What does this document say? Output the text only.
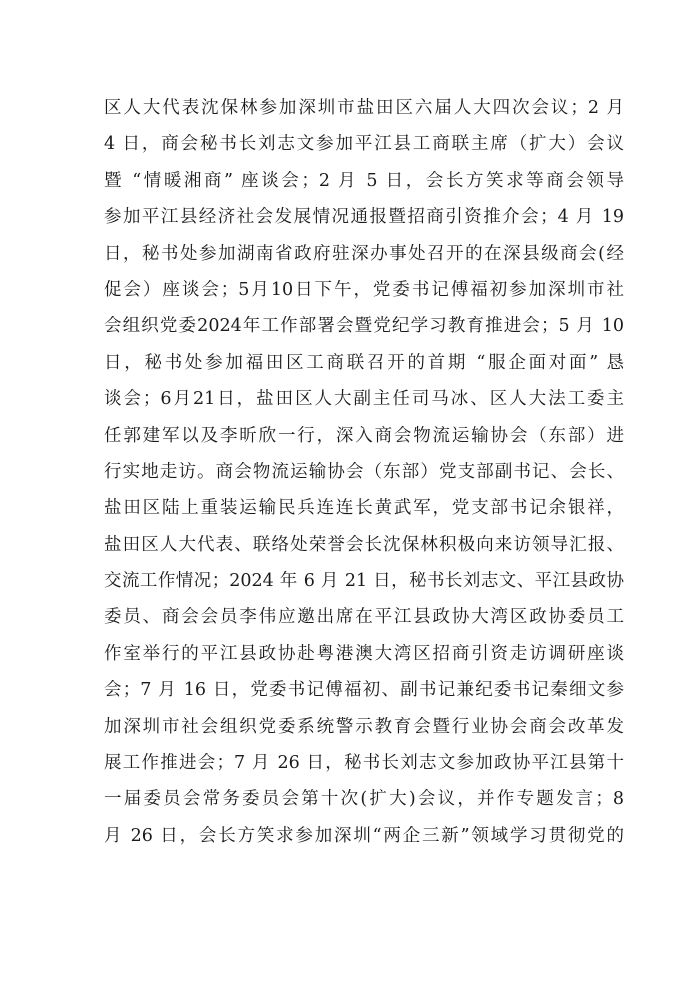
区人大代表沈保林参加深圳市盐田区六届人大四次会议；2 月
4 日，商会秘书长刘志文参加平江县工商联主席（扩大）会议
暨 “情暖湘商” 座谈会；2 月 5 日，会长方笑求等商会领导
参加平江县经济社会发展情况通报暨招商引资推介会；4 月 19
日，秘书处参加湖南省政府驻深办事处召开的在深县级商会(经
促会）座谈会；5月10日下午，党委书记傅福初参加深圳市社
会组织党委2024年工作部署会暨党纪学习教育推进会；5 月 10
日，秘书处参加福田区工商联召开的首期 “服企面对面” 恳
谈会；6月21日，盐田区人大副主任司马冰、区人大法工委主
任郭建军以及李昕欣一行，深入商会物流运输协会（东部）进
行实地走访。商会物流运输协会（东部）党支部副书记、会长、
盐田区陆上重装运输民兵连连长黄武军，党支部书记余银祥，
盐田区人大代表、联络处荣誉会长沈保林积极向来访领导汇报、
交流工作情况；2024 年 6 月 21 日，秘书长刘志文、平江县政协
委员、商会会员李伟应邀出席在平江县政协大湾区政协委员工
作室举行的平江县政协赴粤港澳大湾区招商引资走访调研座谈
会；7 月 16 日，党委书记傅福初、副书记兼纪委书记秦细文参
加深圳市社会组织党委系统警示教育会暨行业协会商会改革发
展工作推进会；7 月 26 日，秘书长刘志文参加政协平江县第十
一届委员会常务委员会第十次(扩大)会议，并作专题发言；8
月 26 日，会长方笑求参加深圳“两企三新”领域学习贯彻党的
